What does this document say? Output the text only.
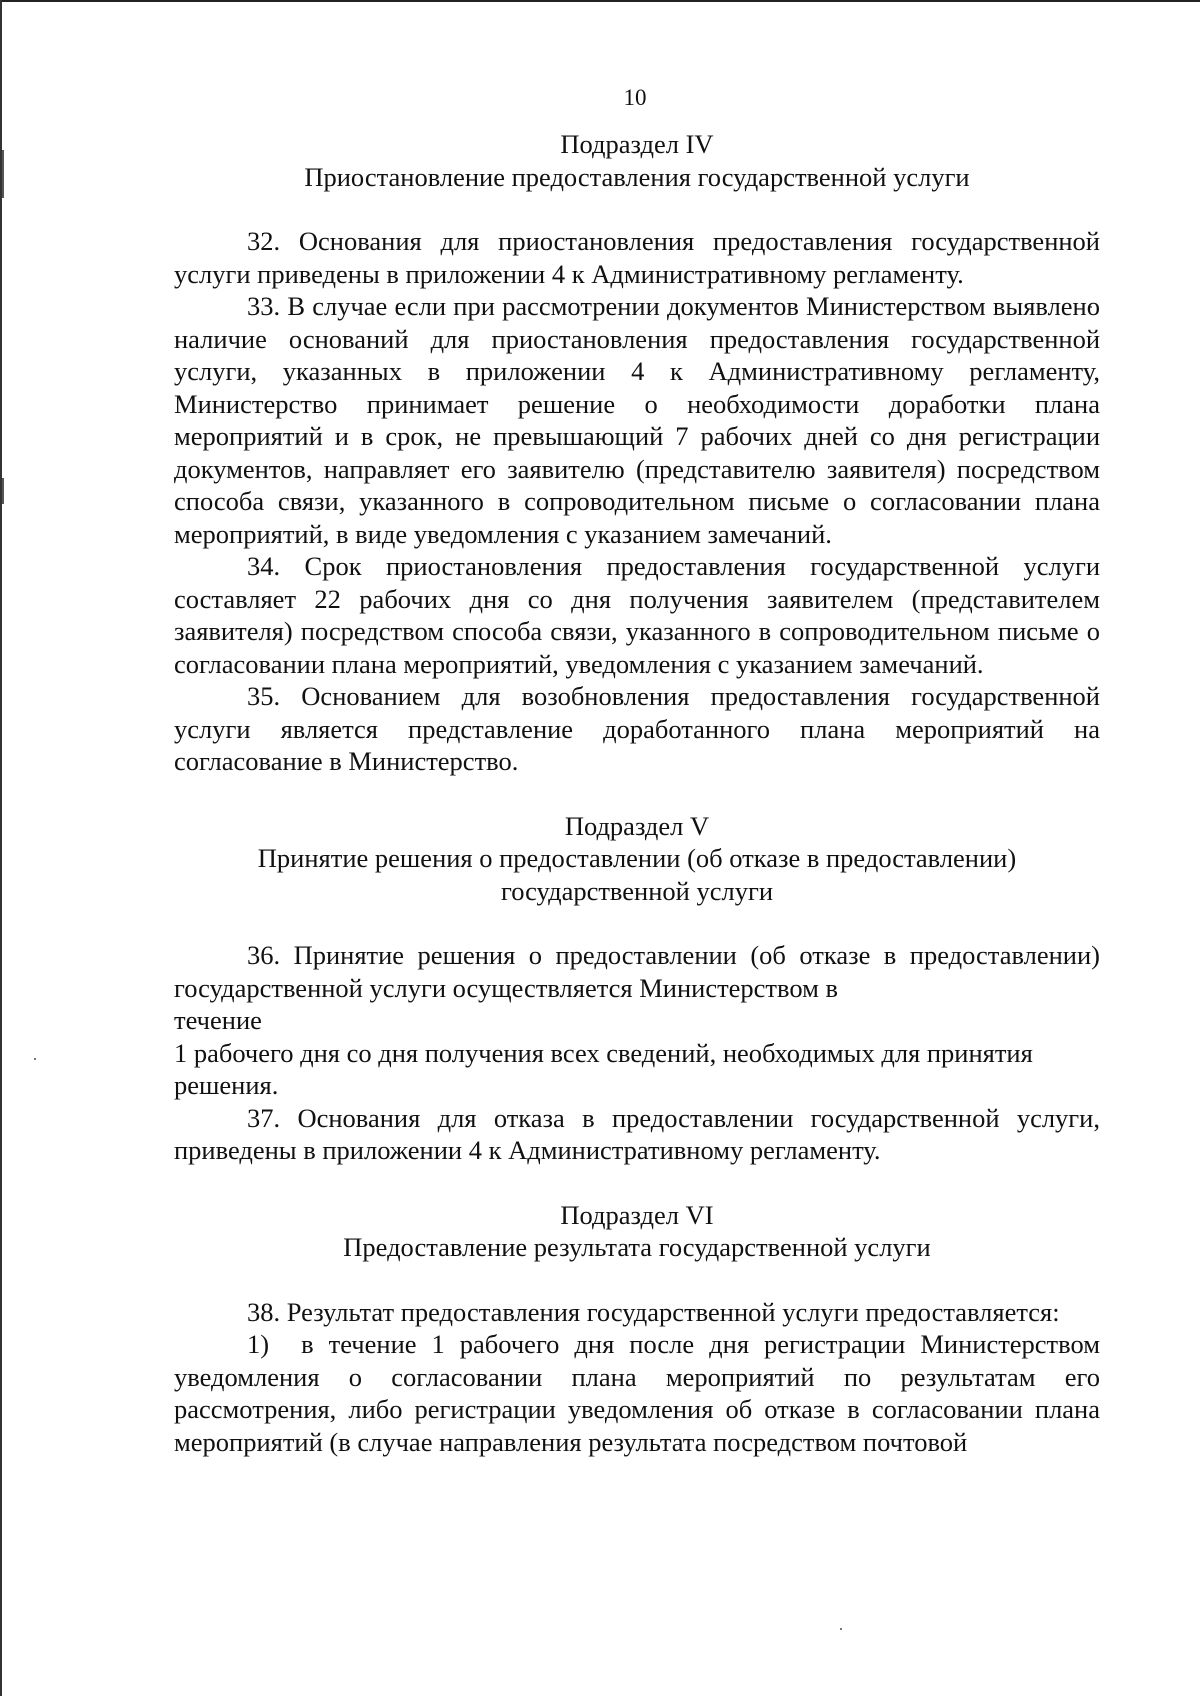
10
Подраздел IV
Приостановление предоставления государственной услуги

32. Основания для приостановления предоставления государственной услуги приведены в приложении 4 к Административному регламенту.

33. В случае если при рассмотрении документов Министерством выявлено наличие оснований для приостановления предоставления государственной услуги, указанных в приложении 4 к Административному регламенту, Министерство принимает решение о необходимости доработки плана мероприятий и в срок, не превышающий 7 рабочих дней со дня регистрации документов, направляет его заявителю (представителю заявителя) посредством способа связи, указанного в сопроводительном письме о согласовании плана мероприятий, в виде уведомления с указанием замечаний.

34. Срок приостановления предоставления государственной услуги составляет 22 рабочих дня со дня получения заявителем (представителем заявителя) посредством способа связи, указанного в сопроводительном письме о согласовании плана мероприятий, уведомления с указанием замечаний.

35. Основанием для возобновления предоставления государственной услуги является представление доработанного плана мероприятий на согласование в Министерство.

Подраздел V
Принятие решения о предоставлении (об отказе в предоставлении)
государственной услуги

36. Принятие решения о предоставлении (об отказе в предоставлении) государственной услуги осуществляется Министерством в

течение

1 рабочего дня со дня получения всех сведений, необходимых для принятия решения.

37. Основания для отказа в предоставлении государственной услуги, приведены в приложении 4 к Административному регламенту.

Подраздел VI
Предоставление результата государственной услуги

38. Результат предоставления государственной услуги предоставляется:

1) в течение 1 рабочего дня после дня регистрации Министерством уведомления о согласовании плана мероприятий по результатам его рассмотрения, либо регистрации уведомления об отказе в согласовании плана мероприятий (в случае направления результата посредством почтовой
